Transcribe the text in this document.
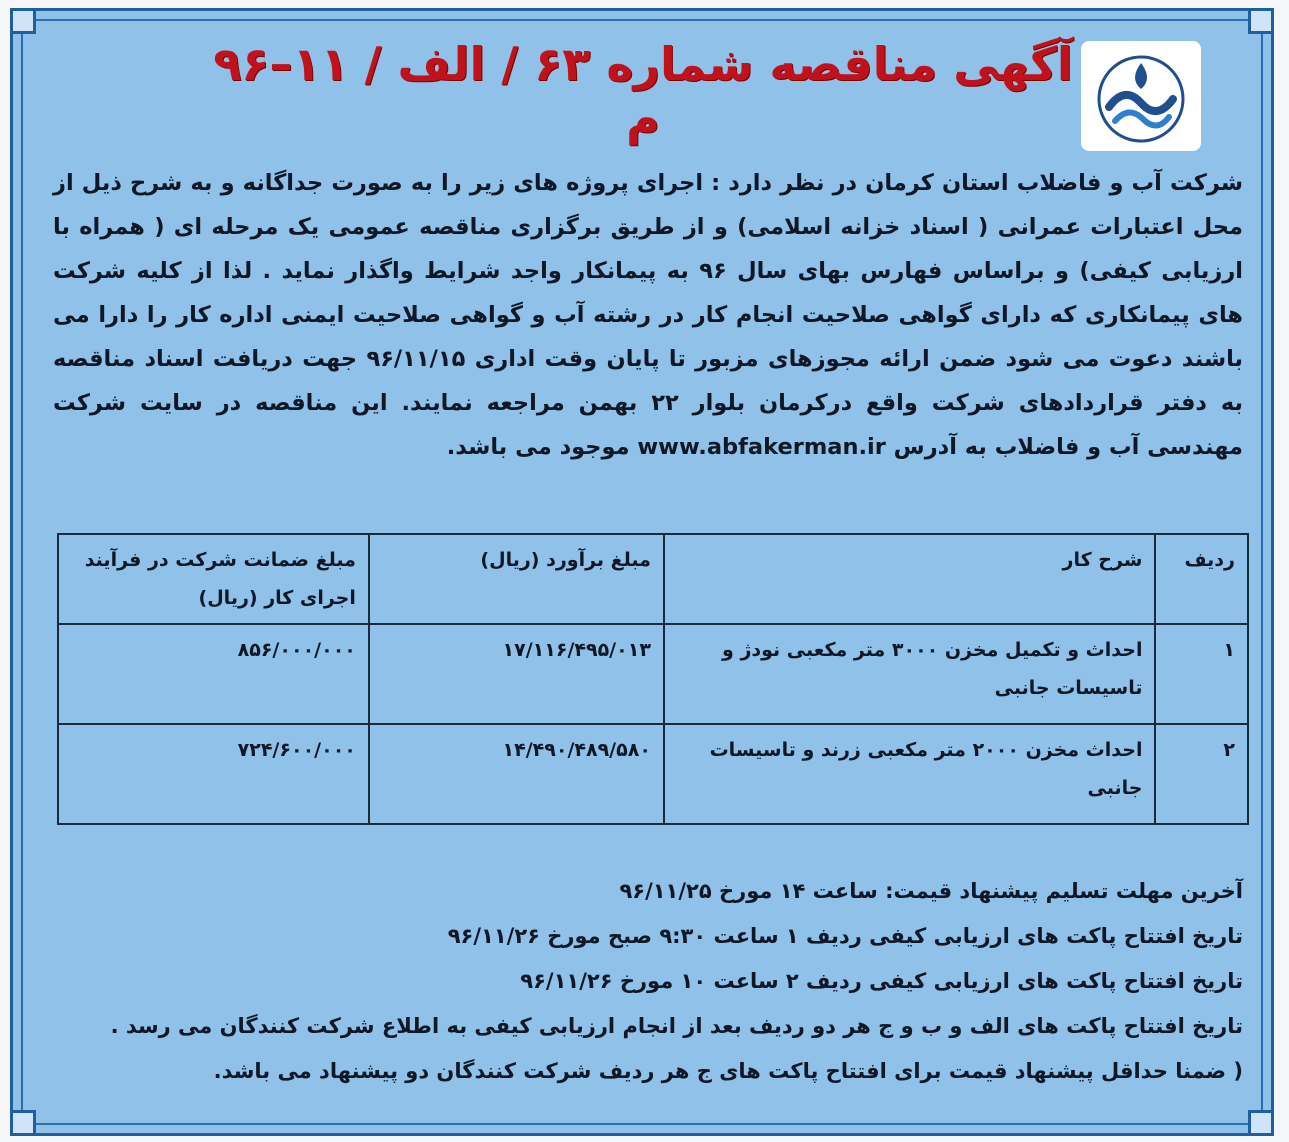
آگهی مناقصه شماره ۶۳ / الف / ۱۱–۹۶ م
شرکت آب و فاضلاب استان کرمان در نظر دارد : اجرای پروژه های زیر را به صورت جداگانه و به شرح ذیل از محل اعتبارات عمرانی ( اسناد خزانه اسلامی) و از طریق برگزاری مناقصه عمومی یک مرحله ای ( همراه با ارزیابی کیفی) و براساس فهارس بهای سال ۹۶ به پیمانکار واجد شرایط واگذار نماید . لذا از کلیه شرکت های پیمانکاری که دارای گواهی صلاحیت انجام کار در رشته آب و گواهی صلاحیت ایمنی اداره کار را دارا می باشند دعوت می شود ضمن ارائه مجوزهای مزبور تا پایان وقت اداری ۹۶/۱۱/۱۵ جهت دریافت اسناد مناقصه به دفتر قراردادهای شرکت واقع درکرمان بلوار ۲۲ بهمن مراجعه نمایند. این مناقصه در سایت شرکت مهندسی آب و فاضلاب به آدرس www.abfakerman.ir موجود می باشد.
ردیف	شرح کار	مبلغ برآورد (ریال)	مبلغ ضمانت شرکت در فرآیند اجرای کار (ریال)
۱	احداث و تکمیل مخزن ۳۰۰۰ متر مکعبی نودژ و تاسیسات جانبی	۱۷/۱۱۶/۴۹۵/۰۱۳	۸۵۶/۰۰۰/۰۰۰
۲	احداث مخزن ۲۰۰۰ متر مکعبی زرند و تاسیسات جانبی	۱۴/۴۹۰/۴۸۹/۵۸۰	۷۲۴/۶۰۰/۰۰۰
آخرین مهلت تسلیم پیشنهاد قیمت: ساعت ۱۴ مورخ ۹۶/۱۱/۲۵
تاریخ افتتاح پاکت های ارزیابی کیفی ردیف ۱ ساعت ۹:۳۰ صبح مورخ ۹۶/۱۱/۲۶
تاریخ افتتاح پاکت های ارزیابی کیفی ردیف ۲ ساعت ۱۰ مورخ ۹۶/۱۱/۲۶
تاریخ افتتاح پاکت های الف و ب و ج هر دو ردیف بعد از انجام ارزیابی کیفی به اطلاع شرکت کنندگان می رسد .
( ضمنا حداقل پیشنهاد قیمت برای افتتاح پاکت های ج هر ردیف شرکت کنندگان دو پیشنهاد می باشد.
